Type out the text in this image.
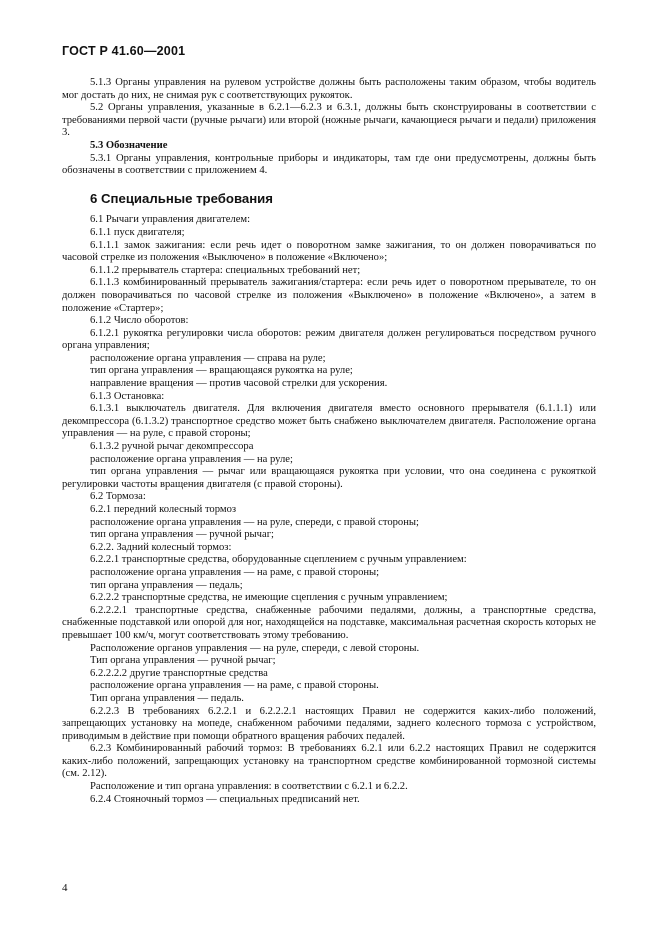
ГОСТ Р 41.60—2001

5.1.3 Органы управления на рулевом устройстве должны быть расположены таким образом, чтобы водитель мог достать до них, не снимая рук с соответствующих рукояток.

5.2 Органы управления, указанные в 6.2.1—6.2.3 и 6.3.1, должны быть сконструированы в соответствии с требованиями первой части (ручные рычаги) или второй (ножные рычаги, качающиеся рычаги и педали) приложения 3.

5.3 Обозначение

5.3.1 Органы управления, контрольные приборы и индикаторы, там где они предусмотрены, должны быть обозначены в соответствии с приложением 4.

6 Специальные требования

6.1 Рычаги управления двигателем:

6.1.1 пуск двигателя;

6.1.1.1 замок зажигания: если речь идет о поворотном замке зажигания, то он должен поворачиваться по часовой стрелке из положения «Выключено» в положение «Включено»;

6.1.1.2 прерыватель стартера: специальных требований нет;

6.1.1.3 комбинированный прерыватель зажигания/стартера: если речь идет о поворотном прерывателе, то он должен поворачиваться по часовой стрелке из положения «Выключено» в положение «Включено», а затем в положение «Стартер»;

6.1.2 Число оборотов:

6.1.2.1 рукоятка регулировки числа оборотов: режим двигателя должен регулироваться посредством ручного органа управления;

расположение органа управления — справа на руле;

тип органа управления — вращающаяся рукоятка на руле;

направление вращения — против часовой стрелки для ускорения.

6.1.3 Остановка:

6.1.3.1 выключатель двигателя. Для включения двигателя вместо основного прерывателя (6.1.1.1) или декомпрессора (6.1.3.2) транспортное средство может быть снабжено выключателем двигателя. Расположение органа управления — на руле, с правой стороны;

6.1.3.2 ручной рычаг декомпрессора

расположение органа управления — на руле;

тип органа управления — рычаг или вращающаяся рукоятка при условии, что она соединена с рукояткой регулировки частоты вращения двигателя (с правой стороны).

6.2 Тормоза:

6.2.1 передний колесный тормоз

расположение органа управления — на руле, спереди, с правой стороны;

тип органа управления — ручной рычаг;

6.2.2. Задний колесный тормоз:

6.2.2.1 транспортные средства, оборудованные сцеплением с ручным управлением:

расположение органа управления — на раме, с правой стороны;

тип органа управления — педаль;

6.2.2.2 транспортные средства, не имеющие сцепления с ручным управлением;

6.2.2.2.1 транспортные средства, снабженные рабочими педалями, должны, а транспортные средства, снабженные подставкой или опорой для ног, находящейся на подставке, максимальная расчетная скорость которых не превышает 100 км/ч, могут соответствовать этому требованию.

Расположение органов управления — на руле, спереди, с левой стороны.

Тип органа управления — ручной рычаг;

6.2.2.2.2 другие транспортные средства

расположение органа управления — на раме, с правой стороны.

Тип органа управления — педаль.

6.2.2.3 В требованиях 6.2.2.1 и 6.2.2.2.1 настоящих Правил не содержится каких-либо положений, запрещающих установку на мопеде, снабженном рабочими педалями, заднего колесного тормоза с устройством, приводимым в действие при помощи обратного вращения рабочих педалей.

6.2.3 Комбинированный рабочий тормоз: В требованиях 6.2.1 или 6.2.2 настоящих Правил не содержится каких-либо положений, запрещающих установку на транспортном средстве комбинированной тормозной системы (см. 2.12).

Расположение и тип органа управления: в соответствии с 6.2.1 и 6.2.2.

6.2.4 Стояночный тормоз — специальных предписаний нет.

4
